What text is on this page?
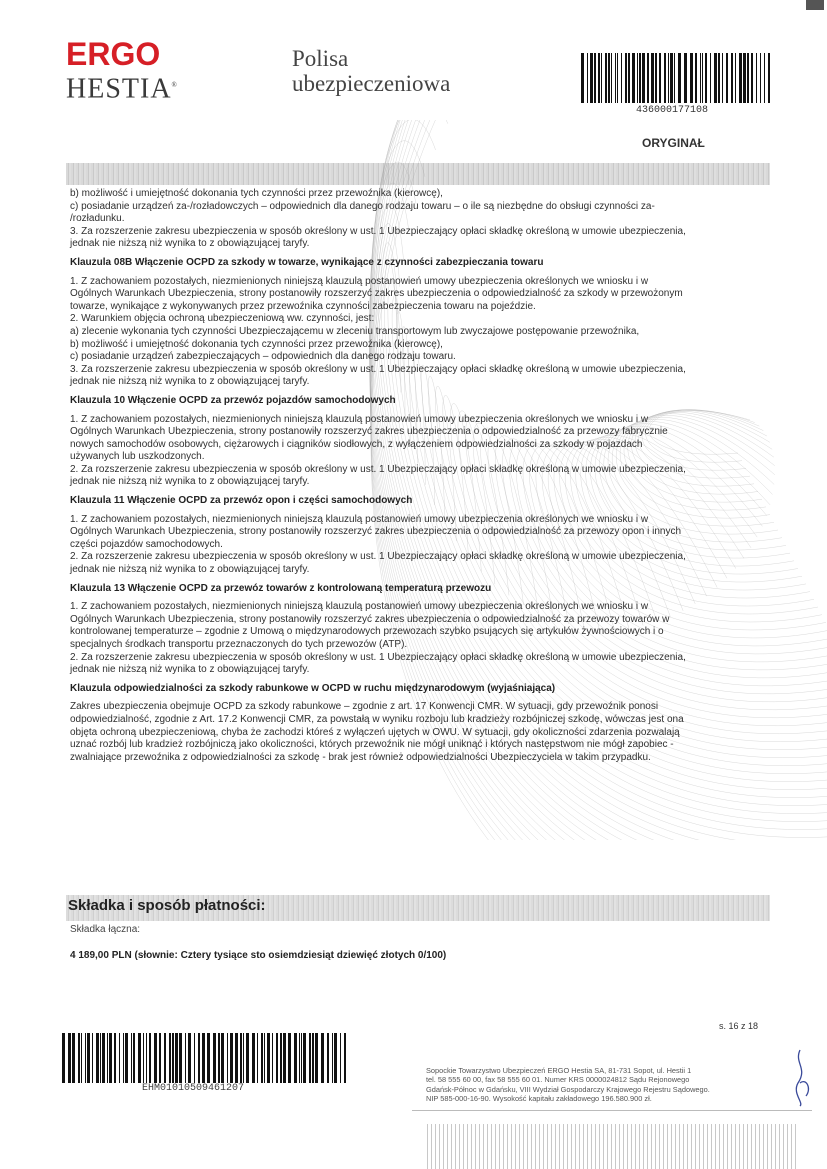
ERGO
HESTIA®
Polisa
ubezpieczeniowa
436000177108
ORYGINAŁ

b) możliwość i umiejętność dokonania tych czynności przez przewoźnika (kierowcę),

c) posiadanie urządzeń za-/rozładowczych – odpowiednich dla danego rodzaju towaru – o ile są niezbędne do obsługi czynności za-

/rozładunku.

3. Za rozszerzenie zakresu ubezpieczenia w sposób określony w ust. 1 Ubezpieczający opłaci składkę określoną w umowie ubezpieczenia,

jednak nie niższą niż wynika to z obowiązującej taryfy.

Klauzula 08B Włączenie OCPD za szkody w towarze, wynikające z czynności zabezpieczania towaru

1. Z zachowaniem pozostałych, niezmienionych niniejszą klauzulą postanowień umowy ubezpieczenia określonych we wniosku i w

Ogólnych Warunkach Ubezpieczenia, strony postanowiły rozszerzyć zakres ubezpieczenia o odpowiedzialność za szkody w przewożonym

towarze, wynikające z wykonywanych przez przewoźnika czynności zabezpieczenia towaru na pojeździe.

2. Warunkiem objęcia ochroną ubezpieczeniową ww. czynności, jest:

a) zlecenie wykonania tych czynności Ubezpieczającemu w zleceniu transportowym lub zwyczajowe postępowanie przewoźnika,

b) możliwość i umiejętność dokonania tych czynności przez przewoźnika (kierowcę),

c) posiadanie urządzeń zabezpieczających – odpowiednich dla danego rodzaju towaru.

3. Za rozszerzenie zakresu ubezpieczenia w sposób określony w ust. 1 Ubezpieczający opłaci składkę określoną w umowie ubezpieczenia,

jednak nie niższą niż wynika to z obowiązującej taryfy.

Klauzula 10 Włączenie OCPD za przewóz pojazdów samochodowych

1. Z zachowaniem pozostałych, niezmienionych niniejszą klauzulą postanowień umowy ubezpieczenia określonych we wniosku i w

Ogólnych Warunkach Ubezpieczenia, strony postanowiły rozszerzyć zakres ubezpieczenia o odpowiedzialność za przewozy fabrycznie

nowych samochodów osobowych, ciężarowych i ciągników siodłowych, z wyłączeniem odpowiedzialności za szkody w pojazdach

używanych lub uszkodzonych.

2. Za rozszerzenie zakresu ubezpieczenia w sposób określony w ust. 1 Ubezpieczający opłaci składkę określoną w umowie ubezpieczenia,

jednak nie niższą niż wynika to z obowiązującej taryfy.

Klauzula 11 Włączenie OCPD za przewóz opon i części samochodowych

1. Z zachowaniem pozostałych, niezmienionych niniejszą klauzulą postanowień umowy ubezpieczenia określonych we wniosku i w

Ogólnych Warunkach Ubezpieczenia, strony postanowiły rozszerzyć zakres ubezpieczenia o odpowiedzialność za przewozy opon i innych

części pojazdów samochodowych.

2. Za rozszerzenie zakresu ubezpieczenia w sposób określony w ust. 1 Ubezpieczający opłaci składkę określoną w umowie ubezpieczenia,

jednak nie niższą niż wynika to z obowiązującej taryfy.

Klauzula 13 Włączenie OCPD za przewóz towarów z kontrolowaną temperaturą przewozu

1. Z zachowaniem pozostałych, niezmienionych niniejszą klauzulą postanowień umowy ubezpieczenia określonych we wniosku i w

Ogólnych Warunkach Ubezpieczenia, strony postanowiły rozszerzyć zakres ubezpieczenia o odpowiedzialność za przewozy towarów w

kontrolowanej temperaturze – zgodnie z Umową o międzynarodowych przewozach szybko psujących się artykułów żywnościowych i o

specjalnych środkach transportu przeznaczonych do tych przewozów (ATP).

2. Za rozszerzenie zakresu ubezpieczenia w sposób określony w ust. 1 Ubezpieczający opłaci składkę określoną w umowie ubezpieczenia,

jednak nie niższą niż wynika to z obowiązującej taryfy.

Klauzula odpowiedzialności za szkody rabunkowe w OCPD w ruchu międzynarodowym (wyjaśniająca)

Zakres ubezpieczenia obejmuje OCPD za szkody rabunkowe – zgodnie z art. 17 Konwencji CMR. W sytuacji, gdy przewoźnik ponosi

odpowiedzialność, zgodnie z Art. 17.2 Konwencji CMR, za powstałą w wyniku rozboju lub kradzieży rozbójniczej szkodę, wówczas jest ona

objęta ochroną ubezpieczeniową, chyba że zachodzi któreś z wyłączeń ujętych w OWU. W sytuacji, gdy okoliczności zdarzenia pozwalają

uznać rozbój lub kradzież rozbójniczą jako okoliczności, których przewoźnik nie mógł uniknąć i których następstwom nie mógł zapobiec -

zwalniające przewoźnika z odpowiedzialności za szkodę - brak jest również odpowiedzialności Ubezpieczyciela w takim przypadku.

Składka i sposób płatności:
Składka łączna:
4 189,00 PLN (słownie: Cztery tysiące sto osiemdziesiąt dziewięć złotych 0/100)
s. 16 z 18
EHM01010509461207
Sopockie Towarzystwo Ubezpieczeń ERGO Hestia SA, 81-731 Sopot, ul. Hestii 1
tel. 58 555 60 00, fax 58 555 60 01. Numer KRS 0000024812 Sądu Rejonowego
Gdańsk-Północ w Gdańsku, VIII Wydział Gospodarczy Krajowego Rejestru Sądowego.
NIP 585-000-16-90. Wysokość kapitału zakładowego 196.580.900 zł.
